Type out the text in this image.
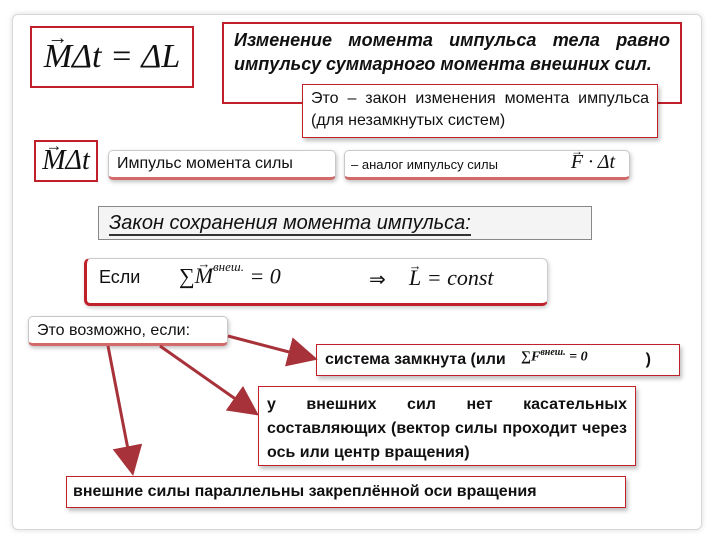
→ M Δt = ΔL	Изменение момента импульса тела равно импульсу суммарного момента внешних сил.
Это – закон изменения момента импульса (для незамкнутых систем)
→ M Δt	Импульс момента силы	– аналог импульсу силы	→ F · Δt
Закон сохранения момента импульса:
Если ∑→ $M^{внеш.} = 0$	⇒ → L = const
Это возможно, если:
система замкнута (или $\sum F^{внеш.} = 0$	)
у внешних сил нет касательных составляющих (вектор силы проходит через ось или центр вращения)
внешние силы параллельны закреплённой оси вращения
